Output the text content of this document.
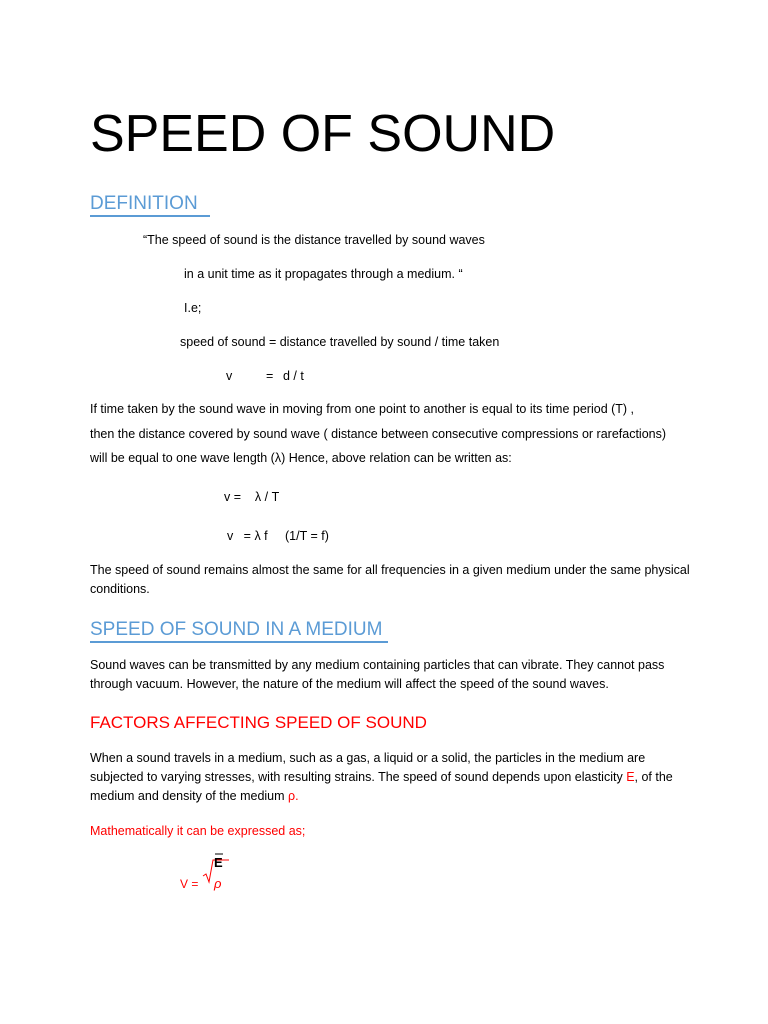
SPEED OF SOUND
DEFINITION
“The speed of sound is the distance travelled by sound waves
in a unit time as it propagates through a medium. “
I.e;
speed of sound = distance travelled by sound / time taken
v	= d / t
If time taken by the sound wave in moving from one point to another is equal to its time period (T) ,
then the distance covered by sound wave ( distance between consecutive compressions or rarefactions)
will be equal to one wave length (λ) Hence, above relation can be written as:
v =    λ / T
v   = λ f     (1/T = f)
The speed of sound remains almost the same for all frequencies in a given medium under the same physical conditions.
SPEED OF SOUND IN A MEDIUM
Sound waves can be transmitted by any medium containing particles that can vibrate. They cannot pass through vacuum. However, the nature of the medium will affect the speed of the sound waves.
FACTORS AFFECTING SPEED OF SOUND
When a sound travels in a medium, such as a gas, a liquid or a solid, the particles in the medium are subjected to varying stresses, with resulting strains. The speed of sound depends upon elasticity E, of the medium and density of the medium ρ.
Mathematically it can be expressed as;
V =
E
ρ
